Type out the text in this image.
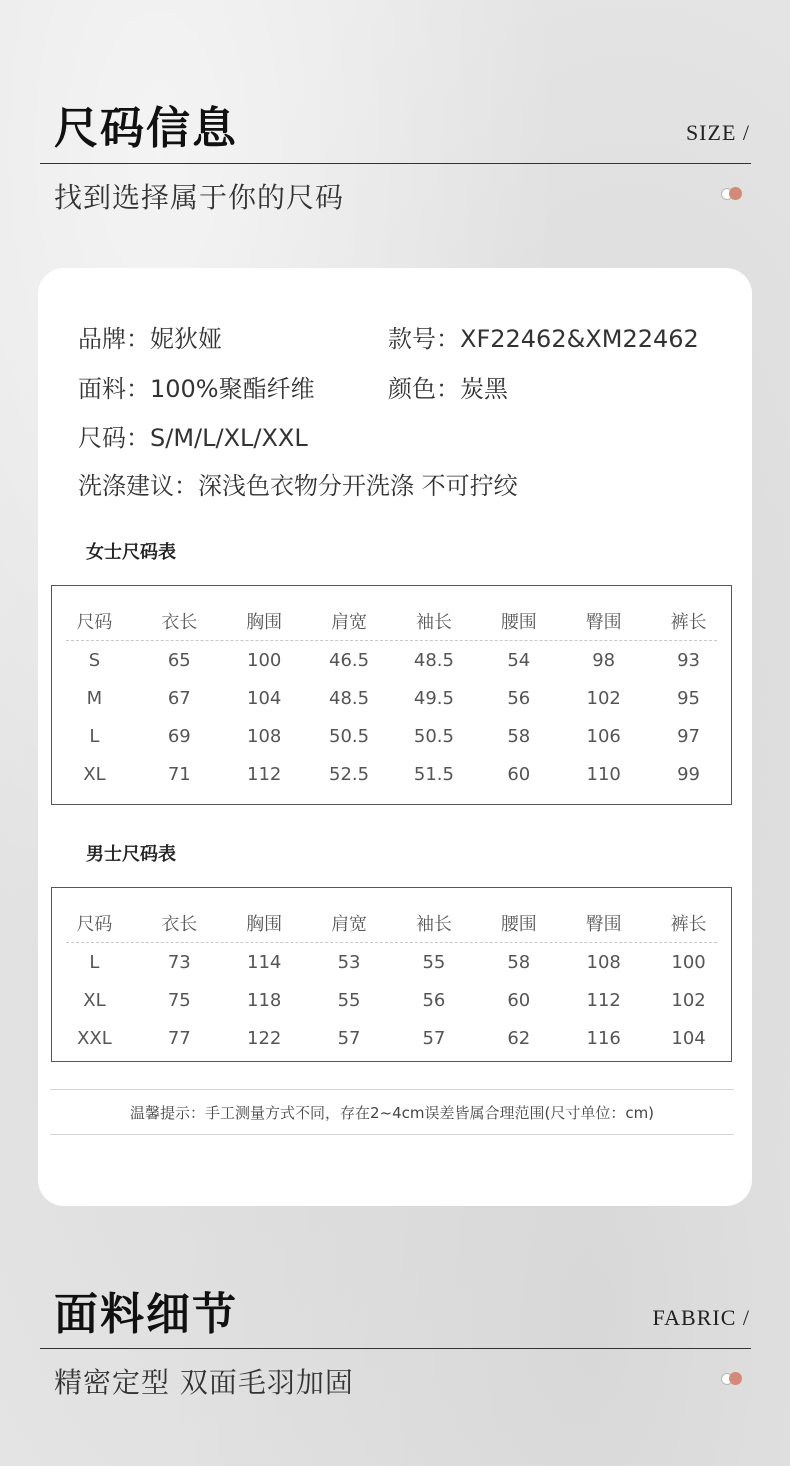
尺码信息	SIZE /
找到选择属于你的尺码
品牌：妮狄娅	款号：XF22462&XM22462
面料：100%聚酯纤维	颜色：炭黑
尺码：S/M/L/XL/XXL
洗涤建议：深浅色衣物分开洗涤 不可拧绞
女士尺码表
尺码	衣长	胸围	肩宽	袖长	腰围	臀围	裤长
S	65	100	46.5	48.5	54	98	93
M	67	104	48.5	49.5	56	102	95
L	69	108	50.5	50.5	58	106	97
XL	71	112	52.5	51.5	60	110	99
男士尺码表
尺码	衣长	胸围	肩宽	袖长	腰围	臀围	裤长
L	73	114	53	55	58	108	100
XL	75	118	55	56	60	112	102
XXL	77	122	57	57	62	116	104
温馨提示：手工测量方式不同，存在2~4cm误差皆属合理范围(尺寸单位：cm)
面料细节	FABRIC /
精密定型 双面毛羽加固
